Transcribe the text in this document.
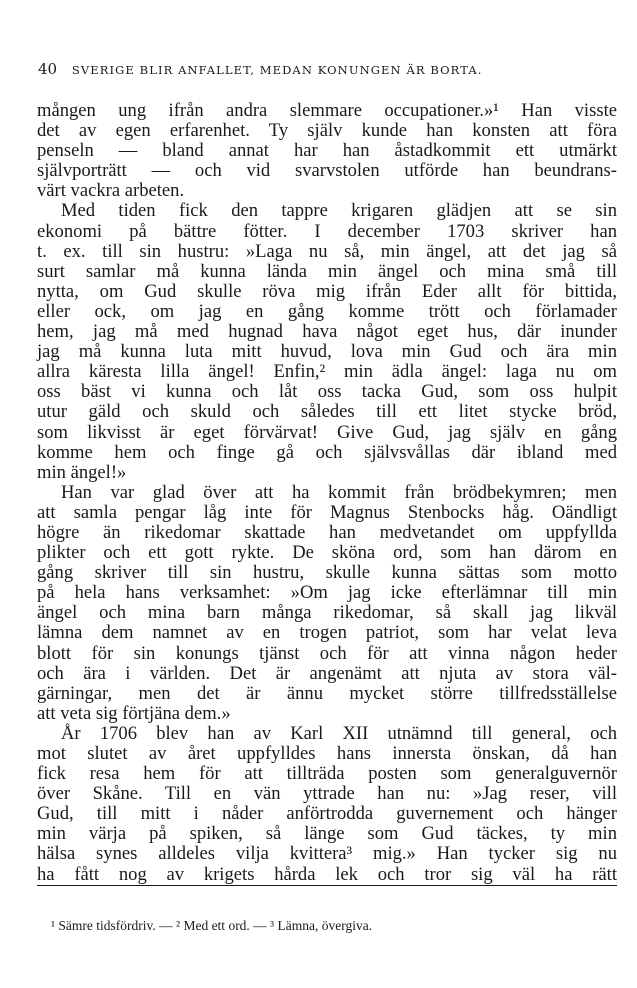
40 SVERIGE BLIR ANFALLET, MEDAN KONUNGEN ÄR BORTA.
mången ung ifrån andra slemmare occupationer.»¹ Han visste
det av egen erfarenhet. Ty själv kunde han konsten att föra
penseln — bland annat har han åstadkommit ett utmärkt
självporträtt — och vid svarvstolen utförde han beundrans-
värt vackra arbeten.
Med tiden fick den tappre krigaren glädjen att se sin
ekonomi på bättre fötter. I december 1703 skriver han
t. ex. till sin hustru: »Laga nu så, min ängel, att det jag så
surt samlar må kunna lända min ängel och mina små till
nytta, om Gud skulle röva mig ifrån Eder allt för bittida,
eller ock, om jag en gång komme trött och förlamader
hem, jag må med hugnad hava något eget hus, där inunder
jag må kunna luta mitt huvud, lova min Gud och ära min
allra käresta lilla ängel! Enfin,² min ädla ängel: laga nu om
oss bäst vi kunna och låt oss tacka Gud, som oss hulpit
utur gäld och skuld och således till ett litet stycke bröd,
som likvisst är eget förvärvat! Give Gud, jag själv en gång
komme hem och finge gå och självsvållas där ibland med
min ängel!»
Han var glad över att ha kommit från brödbekymren; men
att samla pengar låg inte för Magnus Stenbocks håg. Oändligt
högre än rikedomar skattade han medvetandet om uppfyllda
plikter och ett gott rykte. De sköna ord, som han därom en
gång skriver till sin hustru, skulle kunna sättas som motto
på hela hans verksamhet: »Om jag icke efterlämnar till min
ängel och mina barn många rikedomar, så skall jag likväl
lämna dem namnet av en trogen patriot, som har velat leva
blott för sin konungs tjänst och för att vinna någon heder
och ära i världen. Det är angenämt att njuta av stora väl-
gärningar, men det är ännu mycket större tillfredsställelse
att veta sig förtjäna dem.»
År 1706 blev han av Karl XII utnämnd till general, och
mot slutet av året uppfylldes hans innersta önskan, då han
fick resa hem för att tillträda posten som generalguvernör
över Skåne. Till en vän yttrade han nu: »Jag reser, vill
Gud, till mitt i nåder anförtrodda guvernement och hänger
min värja på spiken, så länge som Gud täckes, ty min
hälsa synes alldeles vilja kvittera³ mig.» Han tycker sig nu
ha fått nog av krigets hårda lek och tror sig väl ha rätt
¹ Sämre tidsfördriv. — ² Med ett ord. — ³ Lämna, övergiva.
